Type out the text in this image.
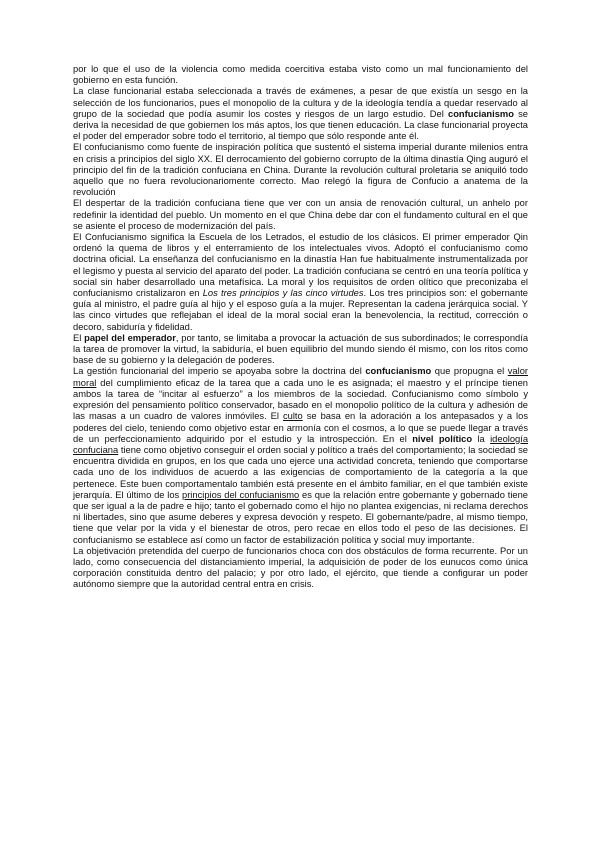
por lo que el uso de la violencia como medida coercitiva estaba visto como un mal funcionamiento del gobierno en esta función.

La clase funcionarial estaba seleccionada a través de exámenes, a pesar de que existía un sesgo en la selección de los funcionarios, pues el monopolio de la cultura y de la ideología tendía a quedar reservado al grupo de la sociedad que podía asumir los costes y riesgos de un largo estudio. Del confucianismo se deriva la necesidad de que gobiernen los más aptos, los que tienen educación. La clase funcionarial proyecta el poder del emperador sobre todo el territorio, al tiempo que sólo responde ante él.

El confucianismo como fuente de inspiración política que sustentó el sistema imperial durante milenios entra en crisis a principios del siglo XX. El derrocamiento del gobierno corrupto de la última dinastía Qing auguró el principio del fin de la tradición confuciana en China. Durante la revolución cultural proletaria se aniquiló todo aquello que no fuera revolucionariomente correcto. Mao relegó la figura de Confucio a anatema de la revolución

El despertar de la tradición confuciana tiene que ver con un ansia de renovación cultural, un anhelo por redefinir la identidad del pueblo. Un momento en el que China debe dar con el fundamento cultural en el que se asiente el proceso de modernización del país.

El Confucianismo significa la Escuela de los Letrados, el estudio de los clásicos. El primer emperador Qin ordenó la quema de libros y el enterramiento de los intelectuales vivos. Adoptó el confucianismo como doctrina oficial. La enseñanza del confucianismo en la dinastía Han fue habitualmente instrumentalizada por el legismo y puesta al servicio del aparato del poder. La tradición confuciana se centró en una teoría política y social sin haber desarrollado una metafísica. La moral y los requisitos de orden olítico que preconizaba el confucianismo cristalizaron en Los tres principios y las cinco virtudes. Los tres principios son: el gobernante guía al ministro, el padre guía al hijo y el esposo guía a la mujer. Representan la cadena jerárquica social. Y las cinco virtudes que reflejaban el ideal de la moral social eran la benevolencia, la rectitud, corrección o decoro, sabiduría y fidelidad.

El papel del emperador, por tanto, se limitaba a provocar la actuación de sus subordinados; le correspondía la tarea de promover la virtud, la sabiduría, el buen equilibrio del mundo siendo él mismo, con los ritos como base de su gobierno y la delegación de poderes.

La gestión funcionarial del imperio se apoyaba sobre la doctrina del confucianismo que propugna el valor moral del cumplimiento eficaz de la tarea que a cada uno le es asignada; el maestro y el príncipe tienen ambos la tarea de “incitar al esfuerzo” a los miembros de la sociedad. Confucianismo como símbolo y expresión del pensamiento político conservador, basado en el monopolio político de la cultura y adhesión de las masas a un cuadro de valores inmóviles. El culto se basa en la adoración a los antepasados y a los poderes del cielo, teniendo como objetivo estar en armonía con el cosmos, a lo que se puede llegar a través de un perfeccionamiento adquirido por el estudio y la introspección. En el nivel político la ideología confuciana tiene como objetivo conseguir el orden social y político a traés del comportamiento; la sociedad se encuentra dividida en grupos, en los que cada uno ejerce una actividad concreta, teniendo que comportarse cada uno de los individuos de acuerdo a las exigencias de comportamiento de la categoría a la que pertenece. Este buen comportamentalo también está presente en el ámbito familiar, en el que también existe jerarquía. El último de los principios del confucianismo es que la relación entre gobernante y gobernado tiene que ser igual a la de padre e hijo; tanto el gobernado como el hijo no plantea exigencias, ni reclama derechos ni libertades, sino que asume deberes y expresa devoción y respeto. El gobernante/padre, al mismo tiempo, tiene que velar por la vida y el bienestar de otros, pero recae en ellos todo el peso de las decisiones. El confucianismo se establece así como un factor de estabilización política y social muy importante.

La objetivación pretendida del cuerpo de funcionarios choca con dos obstáculos de forma recurrente. Por un lado, como consecuencia del distanciamiento imperial, la adquisición de poder de los eunucos como única corporación constituida dentro del palacio; y por otro lado, el ejército, que tiende a configurar un poder autónomo siempre que la autoridad central entra en crisis.
